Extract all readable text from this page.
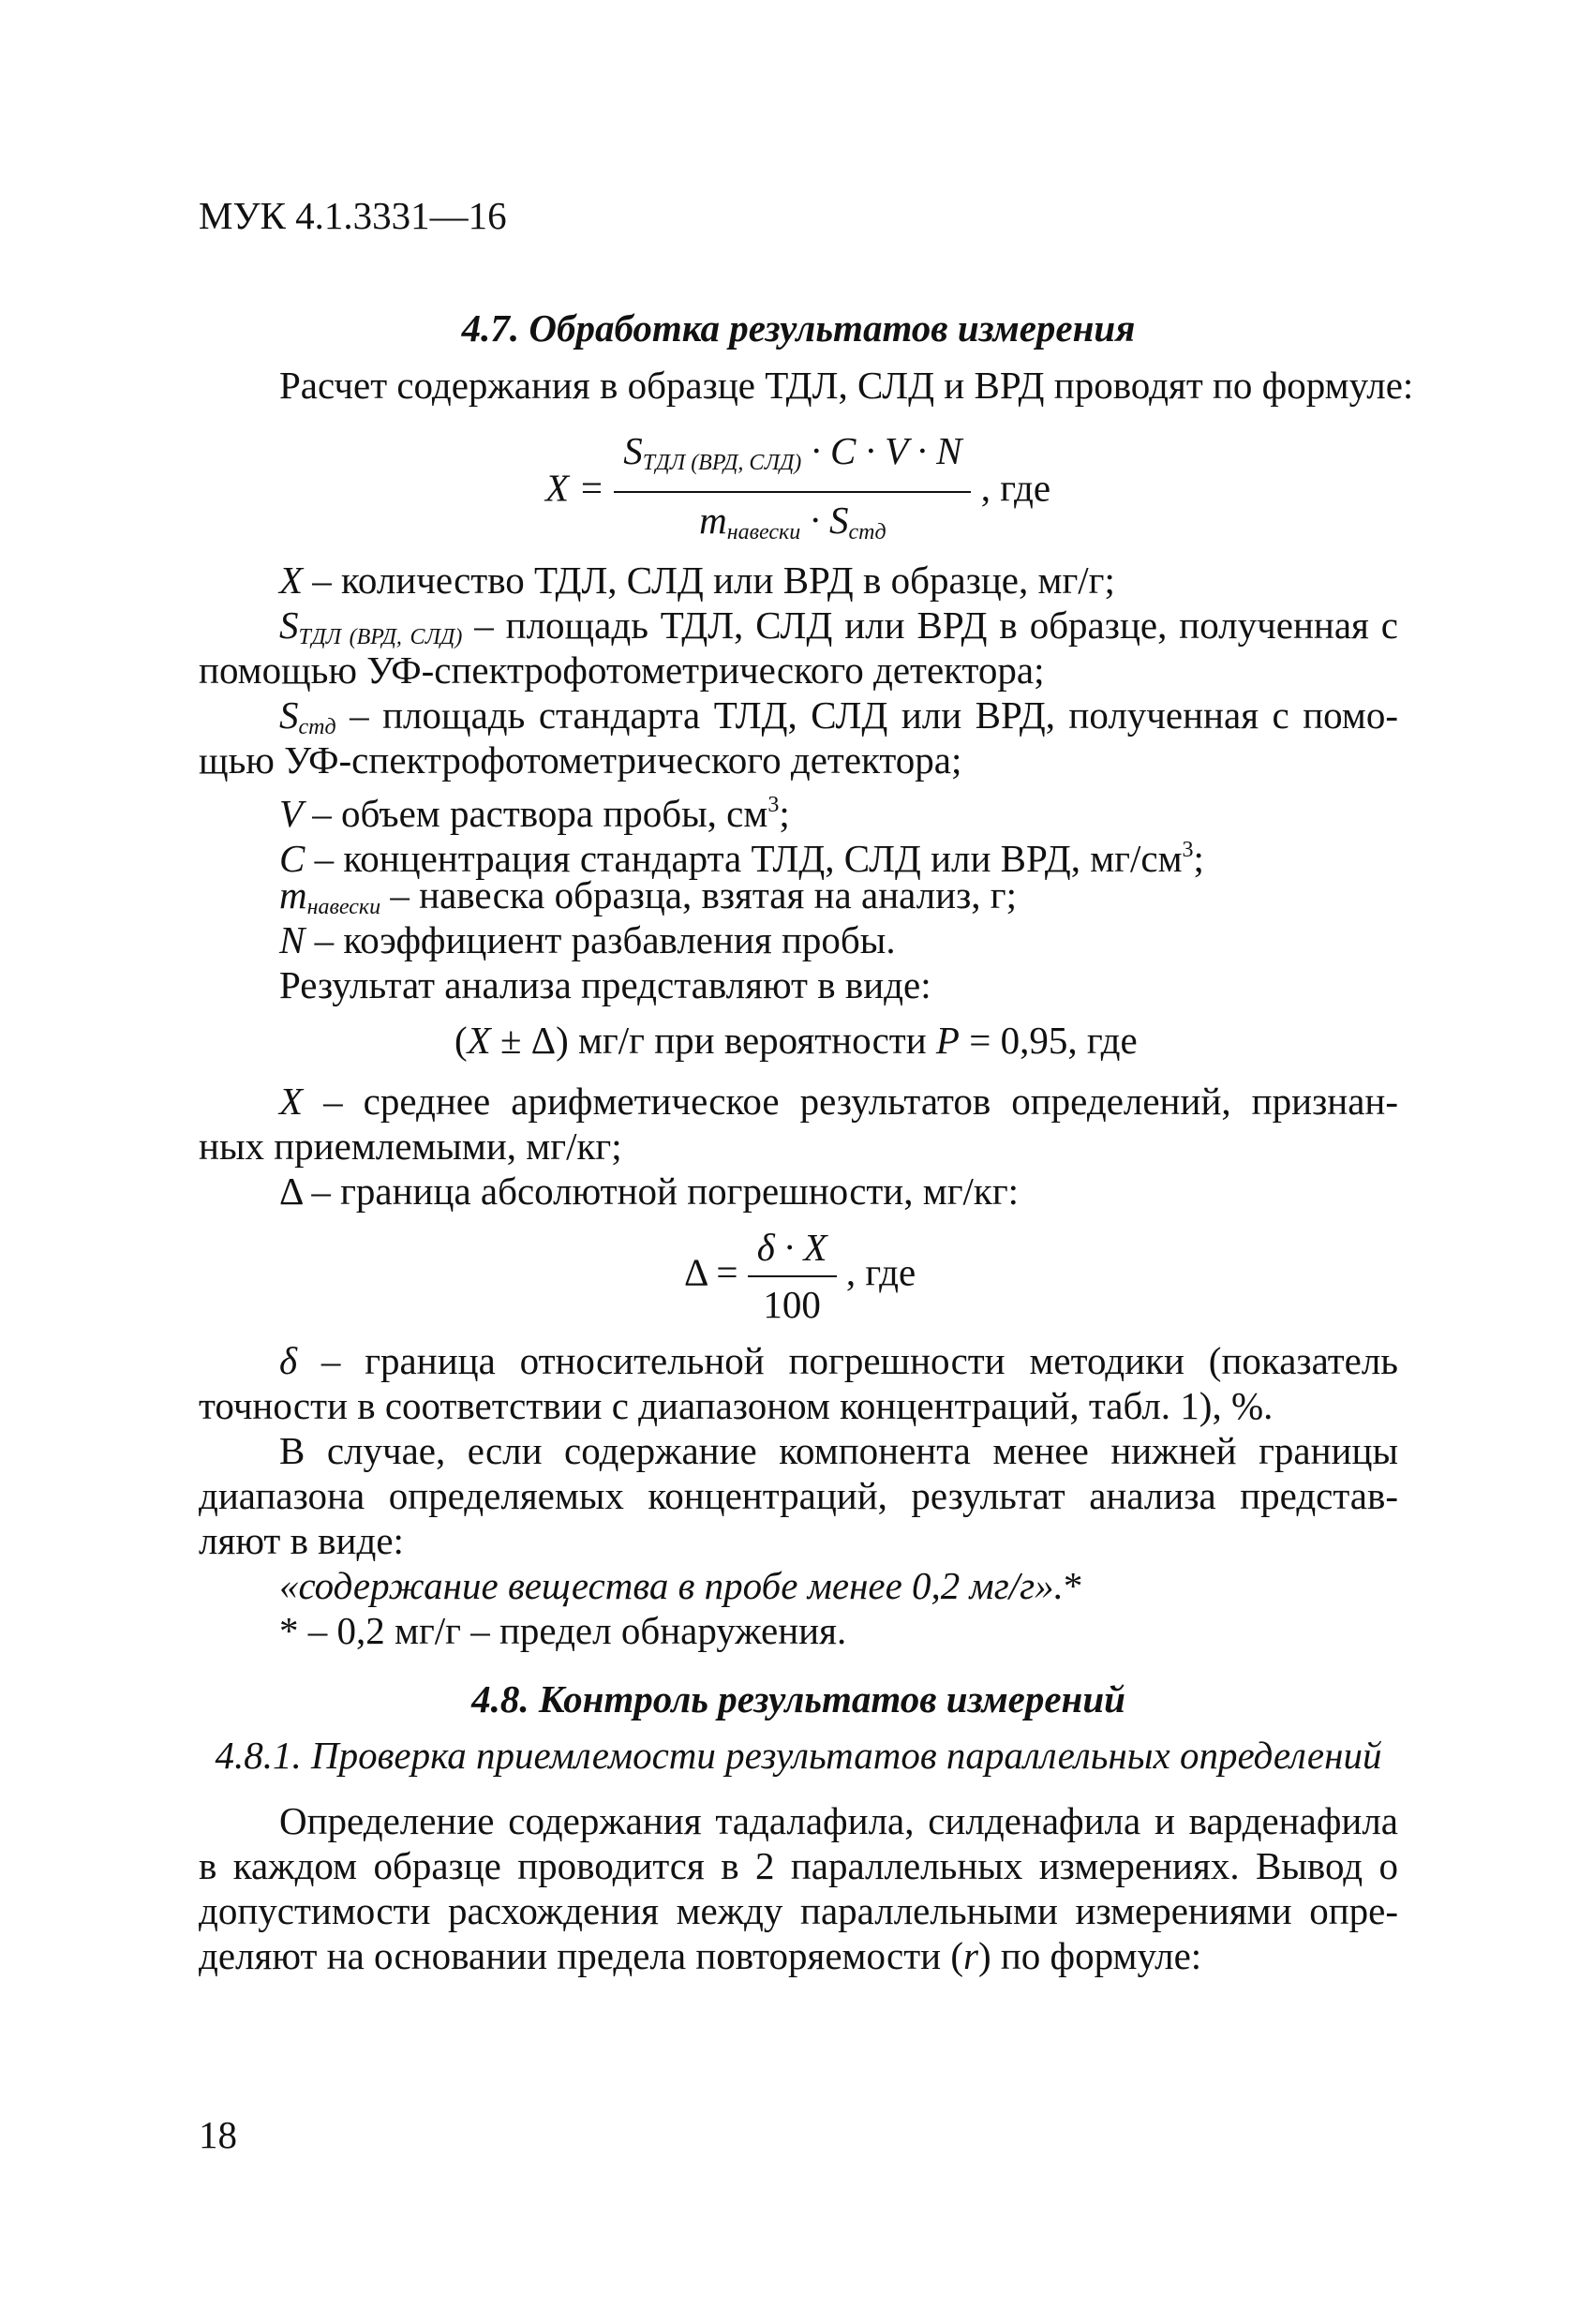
МУК 4.1.3331—16
4.7. Обработка результатов измерения
Расчет содержания в образце ТДЛ, СЛД и ВРД проводят по формуле:
$X = \frac{S_{ТДЛ (ВРД, СЛД)} \cdot C \cdot V \cdot N}{m_{навески} \cdot S_{стд}}$ , где
X – количество ТДЛ, СЛД или ВРД в образце, мг/г;
$S_{ТДЛ (ВРД, СЛД)}$ – площадь ТДЛ, СЛД или ВРД в образце, полученная с
помощью УФ-спектрофотометрического детектора;
$S_{стд}$ – площадь стандарта ТЛД, СЛД или ВРД, полученная с помо-
щью УФ-спектрофотометрического детектора;
V – объем раствора пробы, $см^3$;
C – концентрация стандарта ТЛД, СЛД или ВРД, $мг/см^3$;
$m_{навески}$ – навеска образца, взятая на анализ, г;
N – коэффициент разбавления пробы.
Результат анализа представляют в виде:
(X ± Δ) мг/г при вероятности P = 0,95, где
X – среднее арифметическое результатов определений, признан-
ных приемлемыми, мг/кг;
Δ – граница абсолютной погрешности, мг/кг:
$\Delta = \frac{\delta \cdot X}{100}$ , где
δ – граница относительной погрешности методики (показатель
точности в соответствии с диапазоном концентраций, табл. 1), %.
В случае, если содержание компонента менее нижней границы
диапазона определяемых концентраций, результат анализа представ-
ляют в виде:
«содержание вещества в пробе менее 0,2 мг/г».*
* – 0,2 мг/г – предел обнаружения.
4.8. Контроль результатов измерений
4.8.1. Проверка приемлемости результатов параллельных определений
Определение содержания тадалафила, силденафила и варденафила
в каждом образце проводится в 2 параллельных измерениях. Вывод о
допустимости расхождения между параллельными измерениями опре-
деляют на основании предела повторяемости (r) по формуле:
18
